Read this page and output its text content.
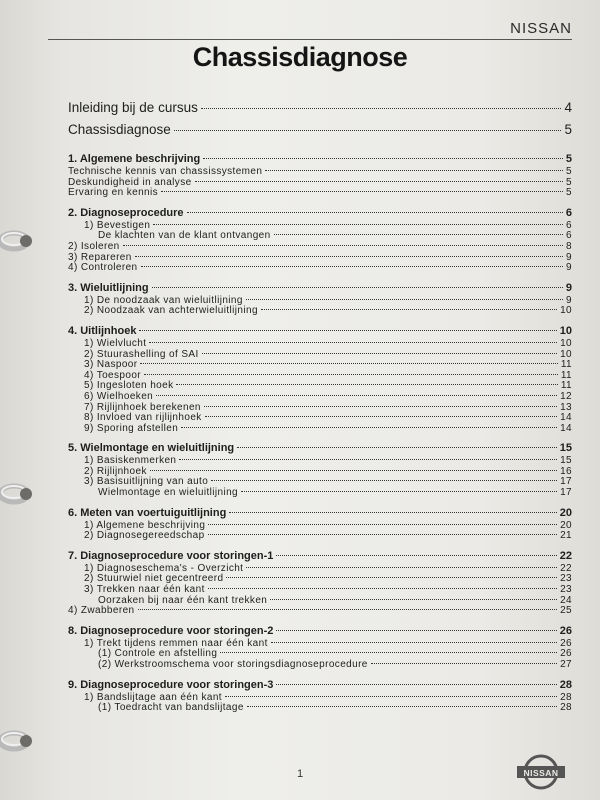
NISSAN
Chassisdiagnose
Inleiding bij de cursus	4
Chassisdiagnose	5
1. Algemene beschrijving	5
Technische kennis van chassissystemen	5
Deskundigheid in analyse	5
Ervaring en kennis	5
2. Diagnoseprocedure	6
1) Bevestigen	6
De klachten van de klant ontvangen	6
2) Isoleren	8
3) Repareren	9
4) Controleren	9
3. Wieluitlijning	9
1) De noodzaak van wieluitlijning	9
2) Noodzaak van achterwieluitlijning	10
4. Uitlijnhoek	10
1) Wielvlucht	10
2) Stuurashelling of SAI	10
3) Naspoor	11
4) Toespoor	11
5) Ingesloten hoek	11
6) Wielhoeken	12
7) Rijlijnhoek berekenen	13
8) Invloed van rijlijnhoek	14
9) Sporing afstellen	14
5. Wielmontage en wieluitlijning	15
1) Basiskenmerken	15
2) Rijlijnhoek	16
3) Basisuitlijning van auto	17
Wielmontage en wieluitlijning	17
6. Meten van voertuiguitlijning	20
1) Algemene beschrijving	20
2) Diagnosegereedschap	21
7. Diagnoseprocedure voor storingen-1	22
1) Diagnoseschema's - Overzicht	22
2) Stuurwiel niet gecentreerd	23
3) Trekken naar één kant	23
Oorzaken bij naar één kant trekken	24
4) Zwabberen	25
8. Diagnoseprocedure voor storingen-2	26
1) Trekt tijdens remmen naar één kant	26
(1) Controle en afstelling	26
(2) Werkstroomschema voor storingsdiagnoseprocedure	27
9. Diagnoseprocedure voor storingen-3	28
1) Bandslijtage aan één kant	28
(1) Toedracht van bandslijtage	28
1	NISSAN
